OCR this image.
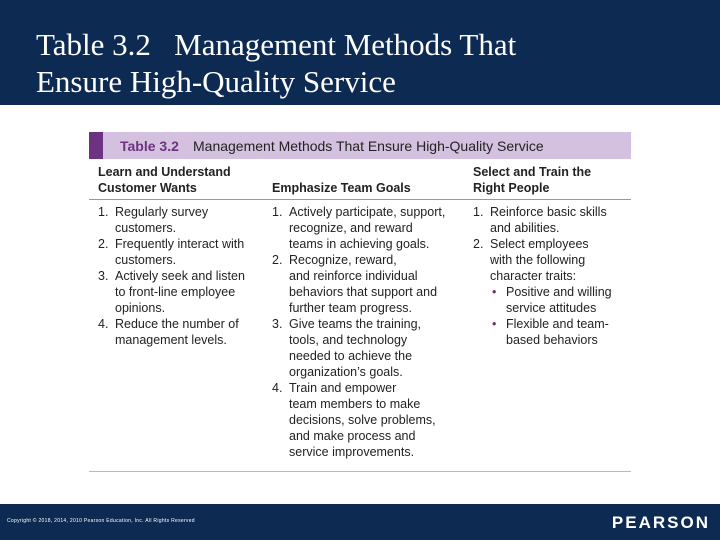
Table 3.2   Management Methods That
Ensure High-Quality Service
Table 3.2 Management Methods That Ensure High-Quality Service
Learn and Understand
Customer Wants	Emphasize Team Goals
Select and Train the
Right People
1. Regularly survey
customers.
2. Frequently interact with
customers.
3. Actively seek and listen
to front-line employee
opinions.
4. Reduce the number of
management levels.
1. Actively participate, support,
recognize, and reward
teams in achieving goals.
2. Recognize, reward,
and reinforce individual
behaviors that support and
further team progress.
3. Give teams the training,
tools, and technology
needed to achieve the
organization’s goals.
4. Train and empower
team members to make
decisions, solve problems,
and make process and
service improvements.
1. Reinforce basic skills
and abilities.
2. Select employees
with the following
character traits:
• Positive and willing
service attitudes
• Flexible and team-
based behaviors
Copyright © 2018, 2014, 2010 Pearson Education, Inc. All Rights Reserved	PEARSON
